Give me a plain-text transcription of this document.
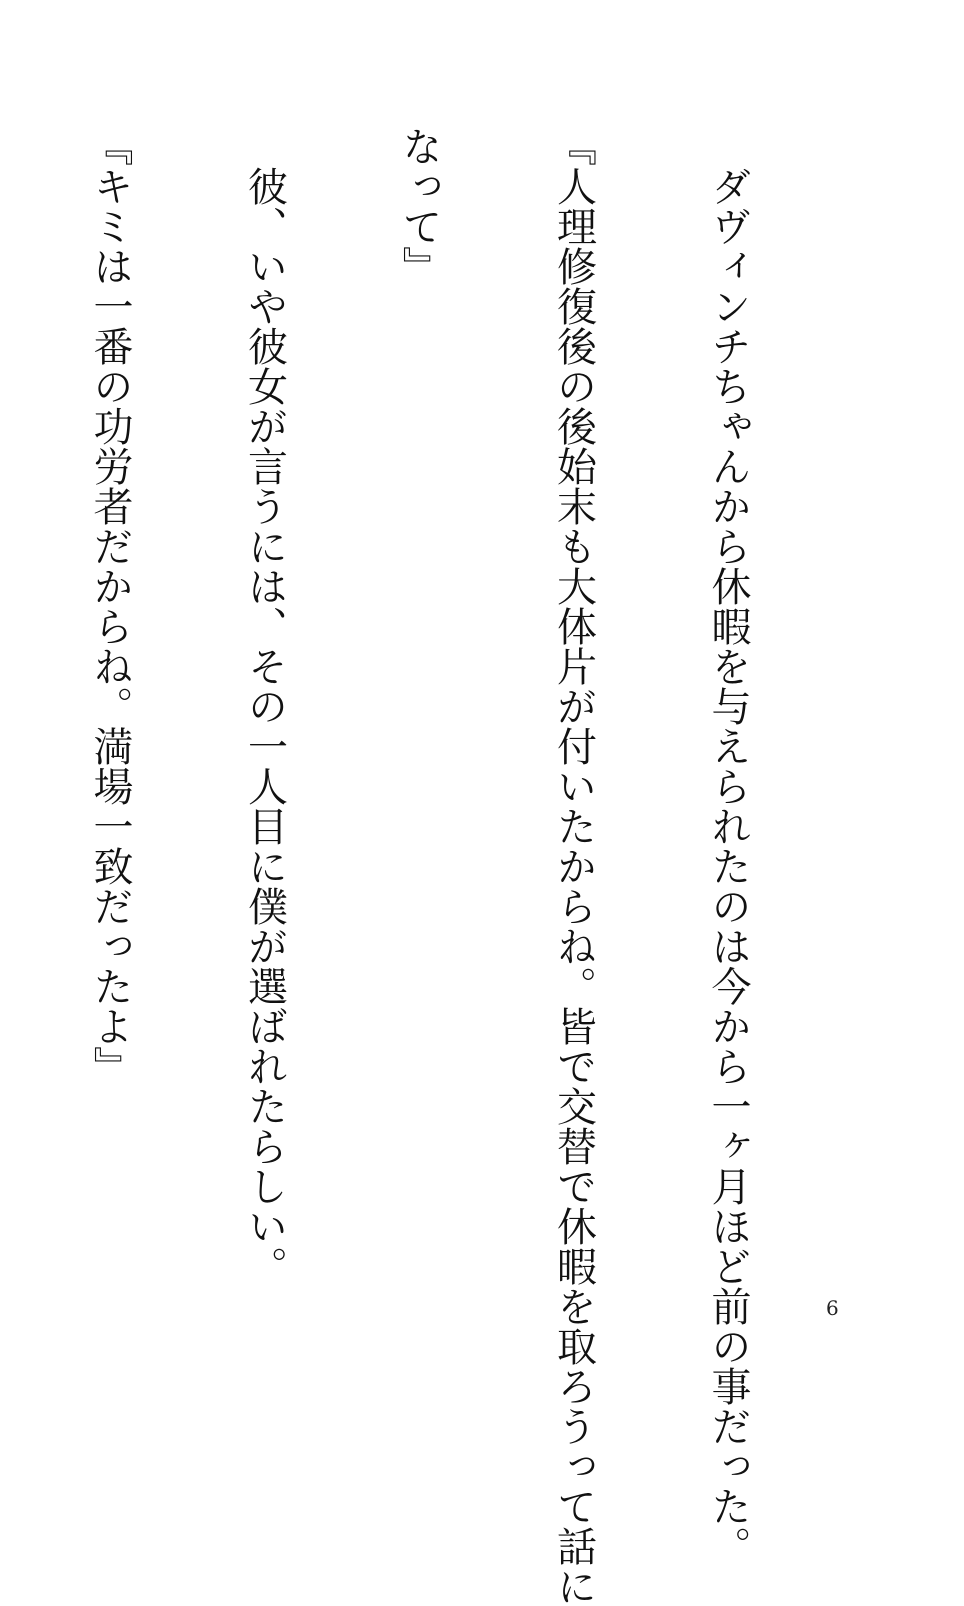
　ダヴィンチちゃんから休暇を与えられたのは今から一ヶ月ほど前の事だった。

『人理修復後の後始末も大体片が付いたからね。皆で交替で休暇を取ろうって話に

なって』

　彼、いや彼女が言うには、その一人目に僕が選ばれたらしい。

『キミは一番の功労者だからね。満場一致だったよ』

6
